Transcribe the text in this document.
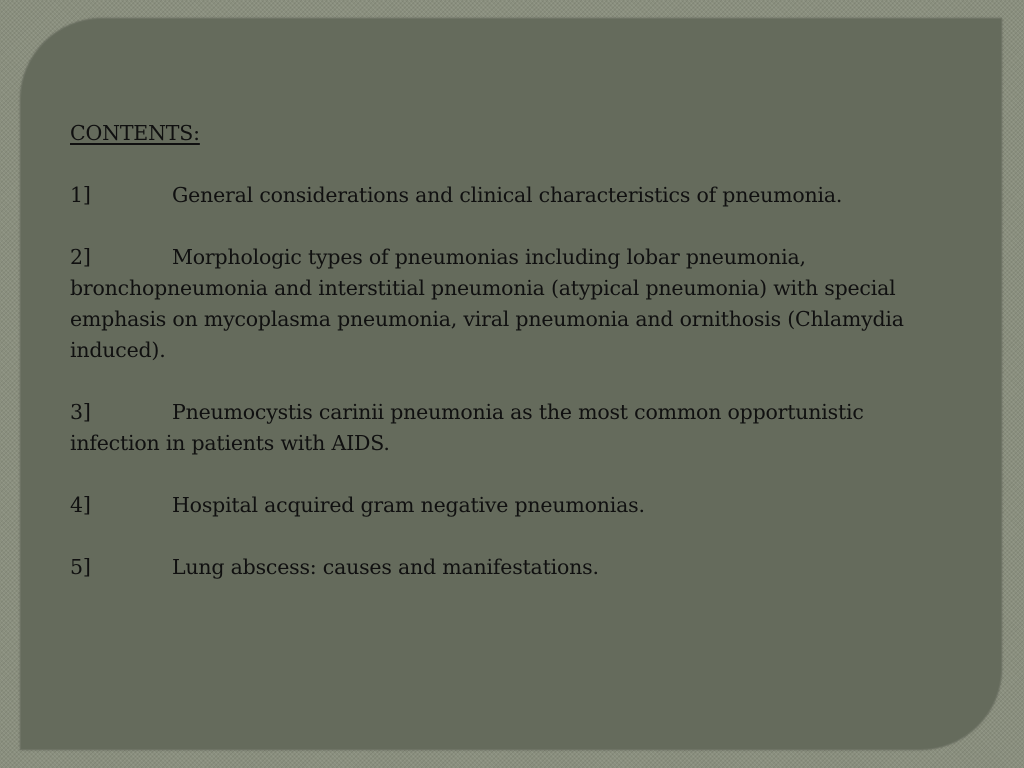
CONTENTS:
1]	General considerations and clinical characteristics of pneumonia.
2]	Morphologic types of pneumonias including lobar pneumonia, bronchopneumonia and interstitial pneumonia (atypical pneumonia) with special emphasis on mycoplasma pneumonia, viral pneumonia and ornithosis (Chlamydia induced).
3]	Pneumocystis carinii pneumonia as the most common opportunistic infection in patients with AIDS.
4]	Hospital acquired gram negative pneumonias.
5]	Lung abscess: causes and manifestations.
